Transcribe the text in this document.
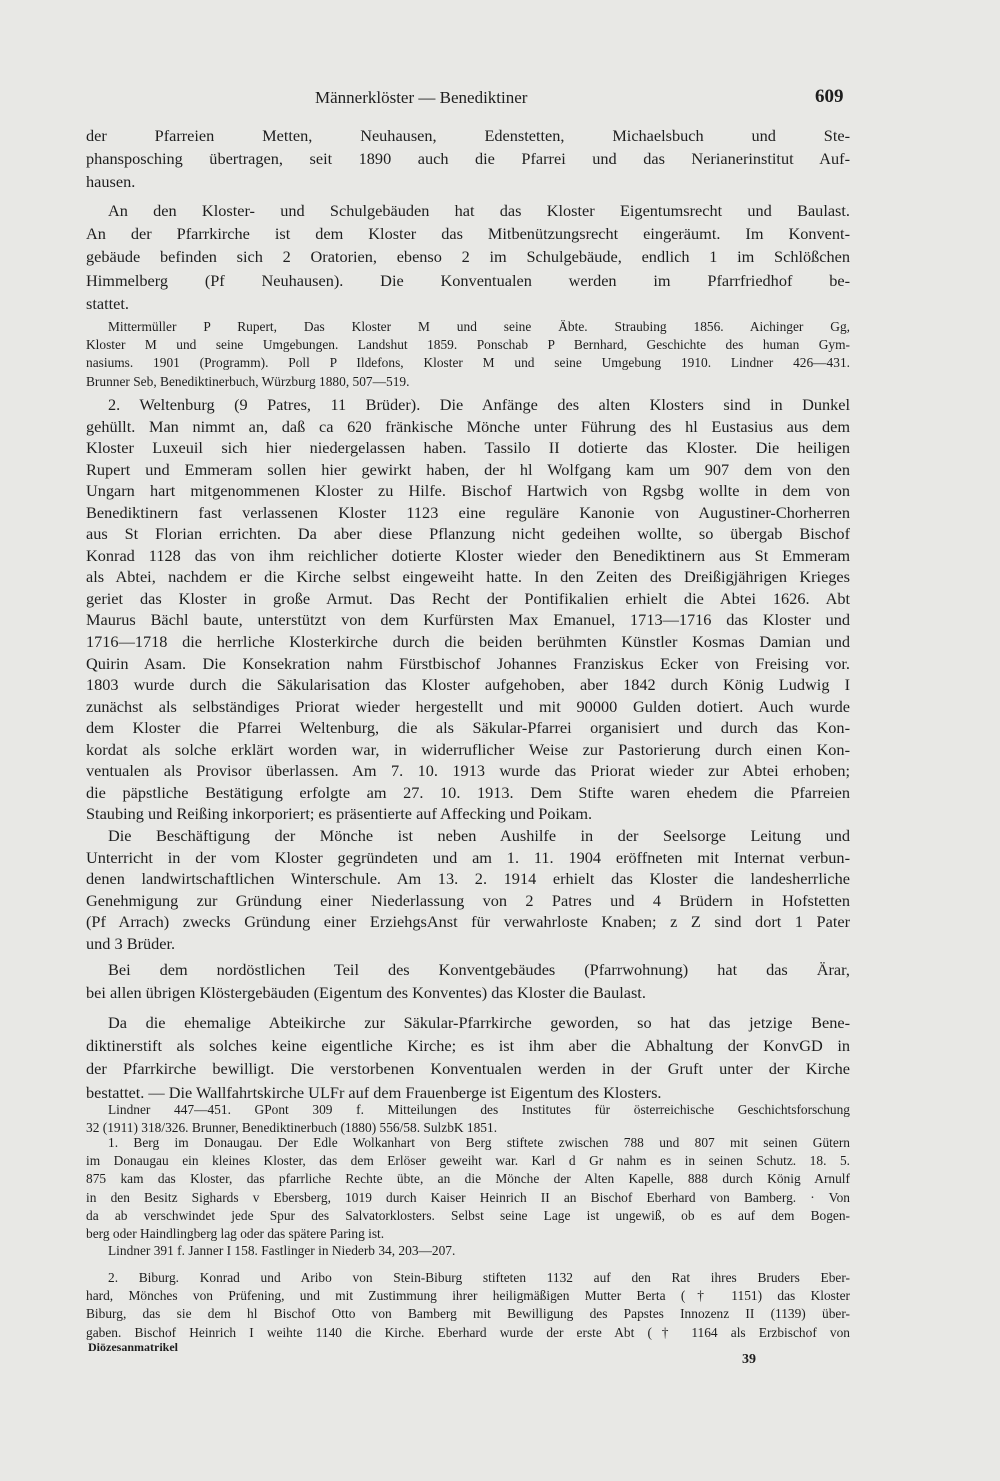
Männerklöster — Benediktiner	609
der Pfarreien Metten, Neuhausen, Edenstetten, Michaelsbuch und Ste-
phansposching übertragen, seit 1890 auch die Pfarrei und das Nerianerinstitut Auf-
hausen.
An den Kloster- und Schulgebäuden hat das Kloster Eigentumsrecht und Baulast.
An der Pfarrkirche ist dem Kloster das Mitbenützungsrecht eingeräumt. Im Konvent-
gebäude befinden sich 2 Oratorien, ebenso 2 im Schulgebäude, endlich 1 im Schlößchen
Himmelberg (Pf Neuhausen). Die Konventualen werden im Pfarrfriedhof be-
stattet.
Mittermüller P Rupert, Das Kloster M und seine Äbte. Straubing 1856. Aichinger Gg,
Kloster M und seine Umgebungen. Landshut 1859. Ponschab P Bernhard, Geschichte des human Gym-
nasiums. 1901 (Programm). Poll P Ildefons, Kloster M und seine Umgebung 1910. Lindner 426—431.
Brunner Seb, Benediktinerbuch, Würzburg 1880, 507—519.
2. Weltenburg (9 Patres, 11 Brüder). Die Anfänge des alten Klosters sind in Dunkel
gehüllt. Man nimmt an, daß ca 620 fränkische Mönche unter Führung des hl Eustasius aus dem
Kloster Luxeuil sich hier niedergelassen haben. Tassilo II dotierte das Kloster. Die heiligen
Rupert und Emmeram sollen hier gewirkt haben, der hl Wolfgang kam um 907 dem von den
Ungarn hart mitgenommenen Kloster zu Hilfe. Bischof Hartwich von Rgsbg wollte in dem von
Benediktinern fast verlassenen Kloster 1123 eine reguläre Kanonie von Augustiner-Chorherren
aus St Florian errichten. Da aber diese Pflanzung nicht gedeihen wollte, so übergab Bischof
Konrad 1128 das von ihm reichlicher dotierte Kloster wieder den Benediktinern aus St Emmeram
als Abtei, nachdem er die Kirche selbst eingeweiht hatte. In den Zeiten des Dreißigjährigen Krieges
geriet das Kloster in große Armut. Das Recht der Pontifikalien erhielt die Abtei 1626. Abt
Maurus Bächl baute, unterstützt von dem Kurfürsten Max Emanuel, 1713—1716 das Kloster und
1716—1718 die herrliche Klosterkirche durch die beiden berühmten Künstler Kosmas Damian und
Quirin Asam. Die Konsekration nahm Fürstbischof Johannes Franziskus Ecker von Freising vor.
1803 wurde durch die Säkularisation das Kloster aufgehoben, aber 1842 durch König Ludwig I
zunächst als selbständiges Priorat wieder hergestellt und mit 90000 Gulden dotiert. Auch wurde
dem Kloster die Pfarrei Weltenburg, die als Säkular-Pfarrei organisiert und durch das Kon-
kordat als solche erklärt worden war, in widerruflicher Weise zur Pastorierung durch einen Kon-
ventualen als Provisor überlassen. Am 7. 10. 1913 wurde das Priorat wieder zur Abtei erhoben;
die päpstliche Bestätigung erfolgte am 27. 10. 1913. Dem Stifte waren ehedem die Pfarreien
Staubing und Reißing inkorporiert; es präsentierte auf Affecking und Poikam.
Die Beschäftigung der Mönche ist neben Aushilfe in der Seelsorge Leitung und
Unterricht in der vom Kloster gegründeten und am 1. 11. 1904 eröffneten mit Internat verbun-
denen landwirtschaftlichen Winterschule. Am 13. 2. 1914 erhielt das Kloster die landesherrliche
Genehmigung zur Gründung einer Niederlassung von 2 Patres und 4 Brüdern in Hofstetten
(Pf Arrach) zwecks Gründung einer ErziehgsAnst für verwahrloste Knaben; z Z sind dort 1 Pater
und 3 Brüder.
Bei dem nordöstlichen Teil des Konventgebäudes (Pfarrwohnung) hat das Ärar,
bei allen übrigen Klöstergebäuden (Eigentum des Konventes) das Kloster die Baulast.
Da die ehemalige Abteikirche zur Säkular-Pfarrkirche geworden, so hat das jetzige Bene-
diktinerstift als solches keine eigentliche Kirche; es ist ihm aber die Abhaltung der KonvGD in
der Pfarrkirche bewilligt. Die verstorbenen Konventualen werden in der Gruft unter der Kirche
bestattet. — Die Wallfahrtskirche ULFr auf dem Frauenberge ist Eigentum des Klosters.
Lindner 447—451. GPont 309 f. Mitteilungen des Institutes für österreichische Geschichtsforschung
32 (1911) 318/326. Brunner, Benediktinerbuch (1880) 556/58. SulzbK 1851.
1. Berg im Donaugau. Der Edle Wolkanhart von Berg stiftete zwischen 788 und 807 mit seinen Gütern
im Donaugau ein kleines Kloster, das dem Erlöser geweiht war. Karl d Gr nahm es in seinen Schutz. 18. 5.
875 kam das Kloster, das pfarrliche Rechte übte, an die Mönche der Alten Kapelle, 888 durch König Arnulf
in den Besitz Sighards v Ebersberg, 1019 durch Kaiser Heinrich II an Bischof Eberhard von Bamberg. · Von
da ab verschwindet jede Spur des Salvatorklosters. Selbst seine Lage ist ungewiß, ob es auf dem Bogen-
berg oder Haindlingberg lag oder das spätere Paring ist.
Lindner 391 f. Janner I 158. Fastlinger in Niederb 34, 203—207.
2. Biburg. Konrad und Aribo von Stein-Biburg stifteten 1132 auf den Rat ihres Bruders Eber-
hard, Mönches von Prüfening, und mit Zustimmung ihrer heiligmäßigen Mutter Berta († 1151) das Kloster
Biburg, das sie dem hl Bischof Otto von Bamberg mit Bewilligung des Papstes Innozenz II (1139) über-
gaben. Bischof Heinrich I weihte 1140 die Kirche. Eberhard wurde der erste Abt († 1164 als Erzbischof von
Diözesanmatrikel
39
